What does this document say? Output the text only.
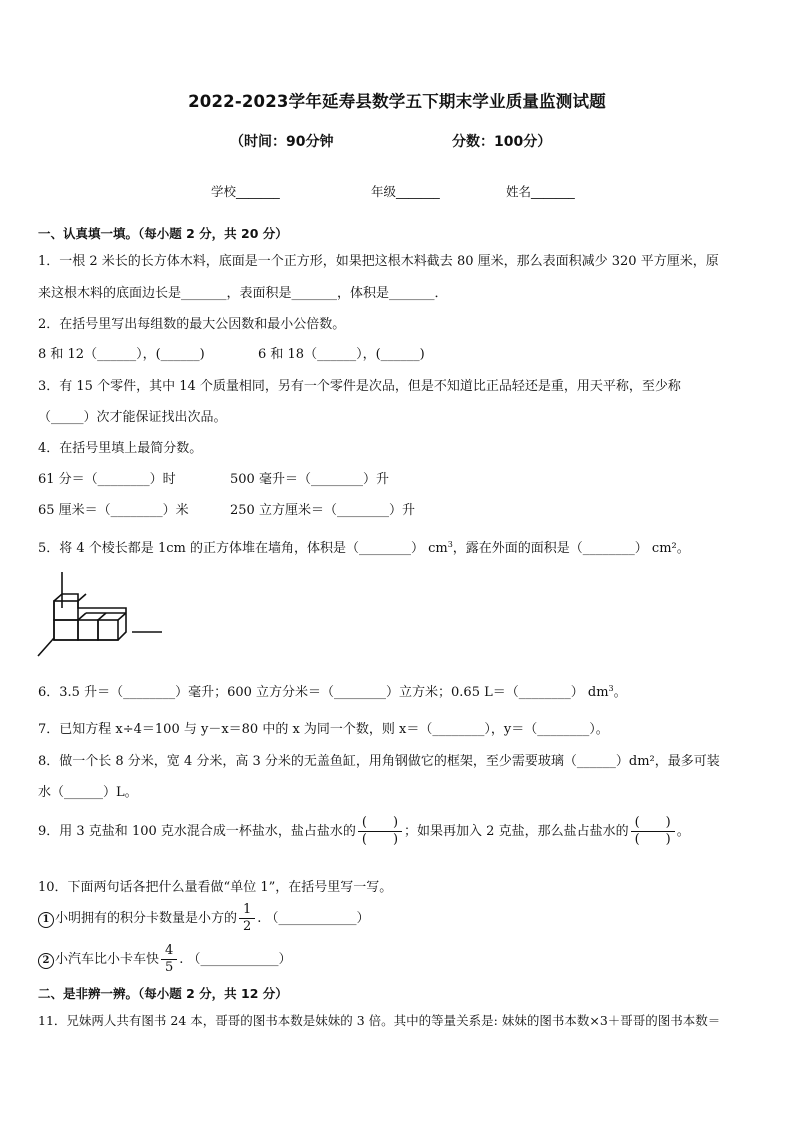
2022-2023学年延寿县数学五下期末学业质量监测试题
（时间：90分钟	分数：100分）
学校_______	年级_______	姓名_______
一、认真填一填。（每小题 2 分，共 20 分）
1．一根 2 米长的长方体木料，底面是一个正方形，如果把这根木料截去 80 厘米，那么表面积减少 320 平方厘米，原
来这根木料的底面边长是_______，表面积是_______，体积是_______．
2．在括号里写出每组数的最大公因数和最小公倍数。
8 和 12（______），(______)	6 和 18（______），(______)
3．有 15 个零件，其中 14 个质量相同，另有一个零件是次品，但是不知道比正品轻还是重，用天平称，至少称
（_____）次才能保证找出次品。
4．在括号里填上最简分数。
61 分＝（________）时	500 毫升＝（________）升
65 厘米＝（________）米	250 立方厘米＝（________）升
5．将 4 个棱长都是 1cm 的正方体堆在墙角，体积是（________） $cm^3$，露在外面的面积是（________） cm²。
6．3.5 升＝（________）毫升；600 立方分米＝（________）立方米；0.65 L＝（________） $dm^3$。
7．已知方程 x÷4＝100 与 y－x＝80 中的 x 为同一个数，则 x＝（________），y＝（________）。
8．做一个长 8 分米，宽 4 分米，高 3 分米的无盖鱼缸，用角钢做它的框架，至少需要玻璃（______）dm²，最多可装
水（______）L。
9．用 3 克盐和 100 克水混合成一杯盐水，盐占盐水的 $\frac{( )}{( )}$ ；如果再加入 2 克盐，那么盐占盐水的 $\frac{( )}{( )}$ 。
10．下面两句话各把什么量看做“单位 1”，在括号里写一写。
1 小明拥有的积分卡数量是小方的 $\frac{1}{2}$ . （____________）
2 小汽车比小卡车快 $\frac{4}{5}$ . （____________）
二、是非辨一辨。（每小题 2 分，共 12 分）
11．兄妹两人共有图书 24 本，哥哥的图书本数是妹妹的 3 倍。其中的等量关系是: 妹妹的图书本数×3＋哥哥的图书本数＝
